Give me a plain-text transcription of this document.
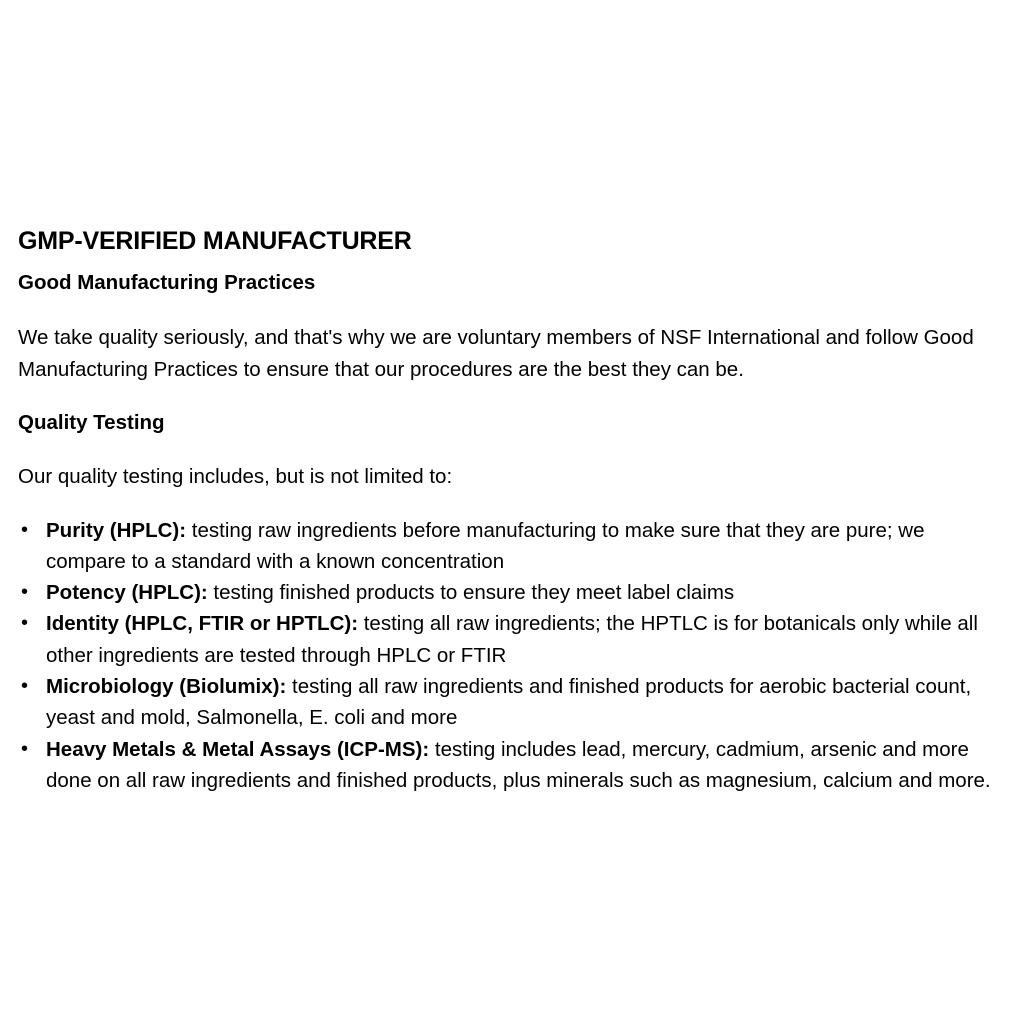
GMP-VERIFIED MANUFACTURER
Good Manufacturing Practices

We take quality seriously, and that's why we are voluntary members of NSF International and follow Good Manufacturing Practices to ensure that our procedures are the best they can be.

Quality Testing

Our quality testing includes, but is not limited to:

• Purity (HPLC): testing raw ingredients before manufacturing to make sure that they are pure; we compare to a standard with a known concentration
• Potency (HPLC): testing finished products to ensure they meet label claims
• Identity (HPLC, FTIR or HPTLC): testing all raw ingredients; the HPTLC is for botanicals only while all other ingredients are tested through HPLC or FTIR
• Microbiology (Biolumix): testing all raw ingredients and finished products for aerobic bacterial count, yeast and mold, Salmonella, E. coli and more
• Heavy Metals & Metal Assays (ICP-MS): testing includes lead, mercury, cadmium, arsenic and more done on all raw ingredients and finished products, plus minerals such as magnesium, calcium and more.
